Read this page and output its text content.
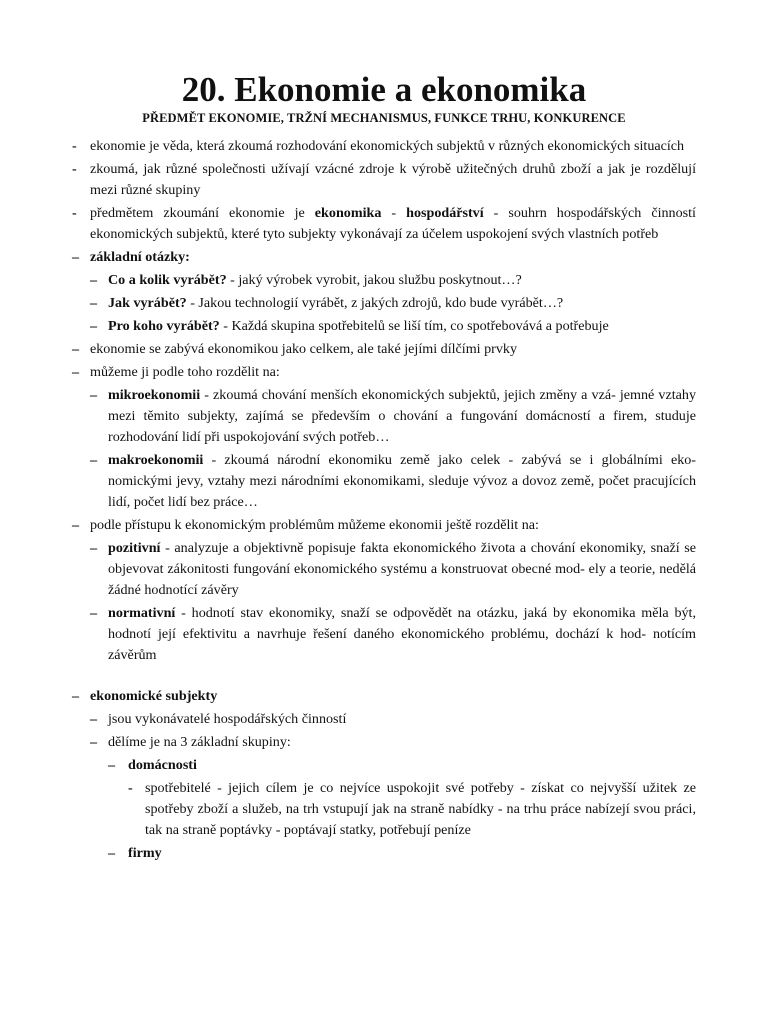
20. Ekonomie a ekonomika
PŘEDMĚT EKONOMIE, TRŽNÍ MECHANISMUS, FUNKCE TRHU, KONKURENCE
- ekonomie je věda, která zkoumá rozhodování ekonomických subjektů v různých ekonomických situacích
- zkoumá, jak různé společnosti užívají vzácné zdroje k výrobě užitečných druhů zboží a jak je rozdělují mezi různé skupiny
- předmětem zkoumání ekonomie je ekonomika - hospodářství - souhrn hospodářských činností ekonomických subjektů, které tyto subjekty vykonávají za účelem uspokojení svých vlastních potřeb
– základní otázky:
– Co a kolik vyrábět? - jaký výrobek vyrobit, jakou službu poskytnout…?
– Jak vyrábět? - Jakou technologií vyrábět, z jakých zdrojů, kdo bude vyrábět…?
– Pro koho vyrábět? - Každá skupina spotřebitelů se liší tím, co spotřebovává a potřebuje
– ekonomie se zabývá ekonomikou jako celkem, ale také jejími dílčími prvky
– můžeme ji podle toho rozdělit na:
– mikroekonomii - zkoumá chování menších ekonomických subjektů, jejich změny a vzá- jemné vztahy mezi těmito subjekty, zajímá se především o chování a fungování domácností a firem, studuje rozhodování lidí při uspokojování svých potřeb…
– makroekonomii - zkoumá národní ekonomiku země jako celek - zabývá se i globálními eko- nomickými jevy, vztahy mezi národními ekonomikami, sleduje vývoz a dovoz země, počet pracujících lidí, počet lidí bez práce…
– podle přístupu k ekonomickým problémům můžeme ekonomii ještě rozdělit na:
– pozitivní - analyzuje a objektivně popisuje fakta ekonomického života a chování ekonomiky, snaží se objevovat zákonitosti fungování ekonomického systému a konstruovat obecné mod- ely a teorie, nedělá žádné hodnotící závěry
– normativní - hodnotí stav ekonomiky, snaží se odpovědět na otázku, jaká by ekonomika měla být, hodnotí její efektivitu a navrhuje řešení daného ekonomického problému, dochází k hod- notícím závěrům
– ekonomické subjekty
– jsou vykonávatelé hospodářských činností
– dělíme je na 3 základní skupiny:
– domácnosti
- spotřebitelé - jejich cílem je co nejvíce uspokojit své potřeby - získat co nejvyšší užitek ze spotřeby zboží a služeb, na trh vstupují jak na straně nabídky - na trhu práce nabízejí svou práci, tak na straně poptávky - poptávají statky, potřebují peníze
– firmy
